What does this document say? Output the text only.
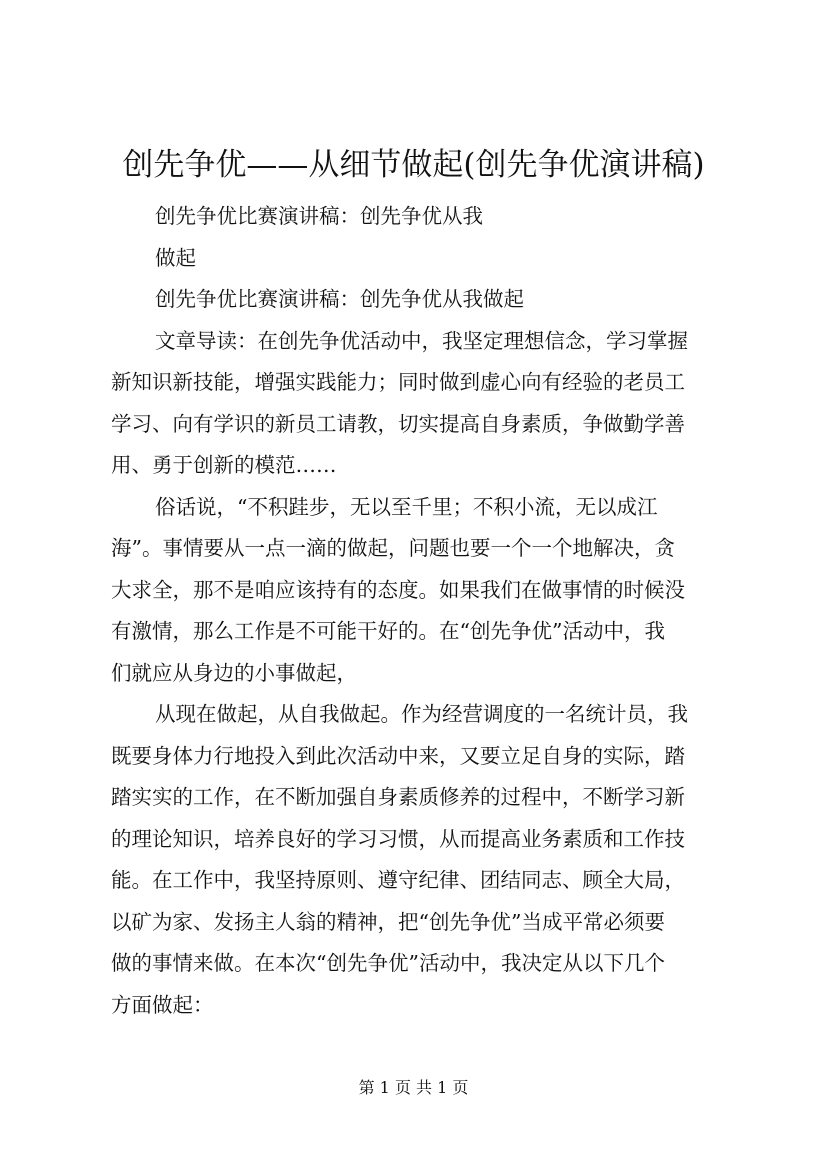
创先争优——从细节做起(创先争优演讲稿)

创先争优比赛演讲稿：创先争优从我

做起

创先争优比赛演讲稿：创先争优从我做起

文章导读：在创先争优活动中，我坚定理想信念，学习掌握

新知识新技能，增强实践能力；同时做到虚心向有经验的老员工

学习、向有学识的新员工请教，切实提高自身素质，争做勤学善

用、勇于创新的模范……

俗话说，“不积跬步，无以至千里；不积小流，无以成江

海”。事情要从一点一滴的做起，问题也要一个一个地解决，贪

大求全，那不是咱应该持有的态度。如果我们在做事情的时候没

有激情，那么工作是不可能干好的。在“创先争优”活动中，我

们就应从身边的小事做起，

从现在做起，从自我做起。作为经营调度的一名统计员，我

既要身体力行地投入到此次活动中来，又要立足自身的实际，踏

踏实实的工作，在不断加强自身素质修养的过程中，不断学习新

的理论知识，培养良好的学习习惯，从而提高业务素质和工作技

能。在工作中，我坚持原则、遵守纪律、团结同志、顾全大局，

以矿为家、发扬主人翁的精神，把“创先争优”当成平常必须要

做的事情来做。在本次“创先争优”活动中，我决定从以下几个

方面做起：

第 1 页 共 1 页
